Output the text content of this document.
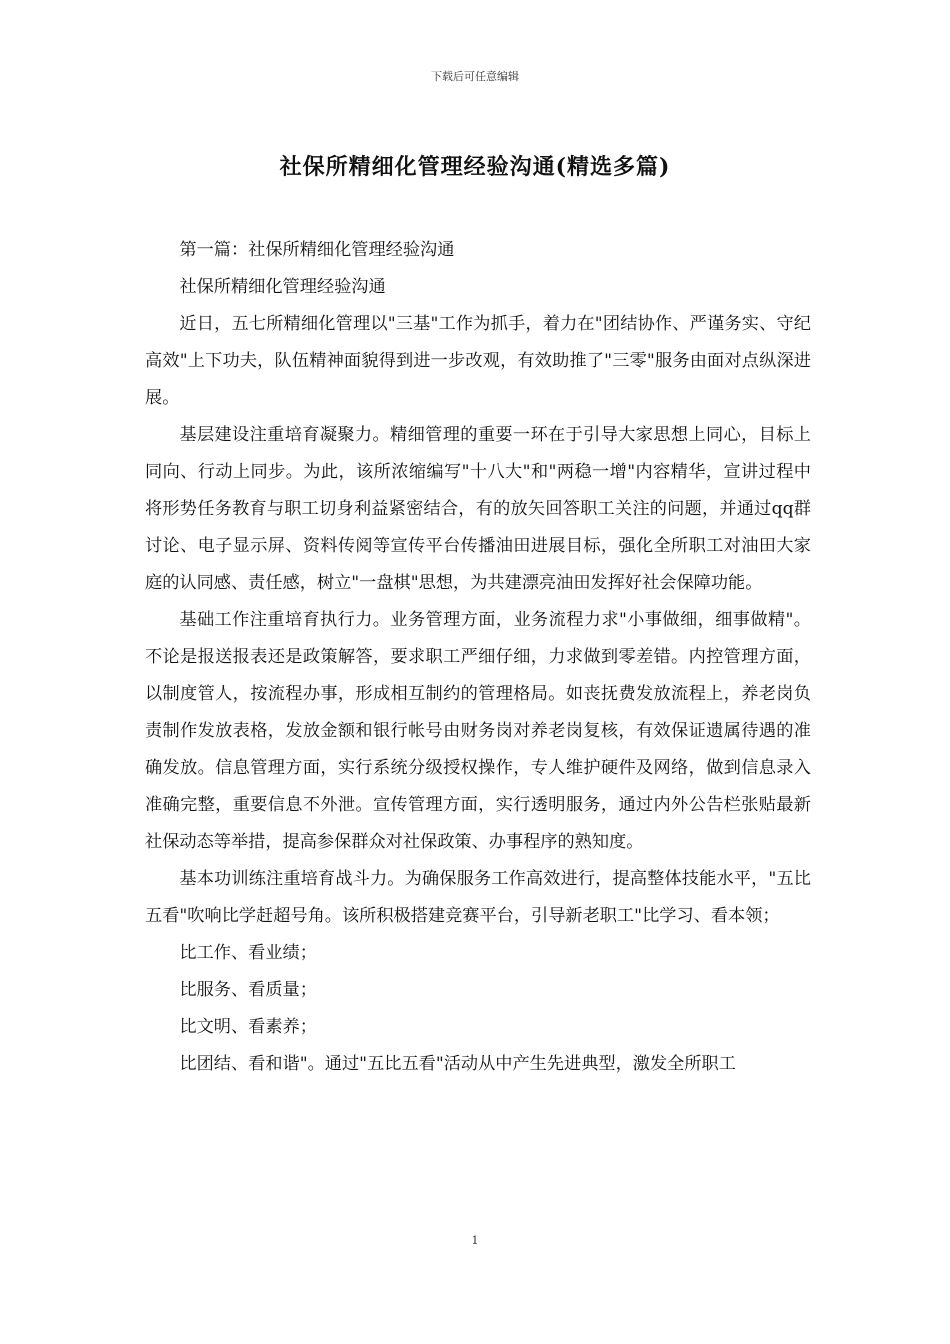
下载后可任意编辑
社保所精细化管理经验沟通(精选多篇)

第一篇：社保所精细化管理经验沟通

社保所精细化管理经验沟通

近日，五七所精细化管理以"三基"工作为抓手，着力在"团结协作、严谨务实、守纪高效"上下功夫，队伍精神面貌得到进一步改观，有效助推了"三零"服务由面对点纵深进展。

基层建设注重培育凝聚力。精细管理的重要一环在于引导大家思想上同心，目标上同向、行动上同步。为此，该所浓缩编写"十八大"和"两稳一增"内容精华，宣讲过程中将形势任务教育与职工切身利益紧密结合，有的放矢回答职工关注的问题，并通过qq群讨论、电子显示屏、资料传阅等宣传平台传播油田进展目标，强化全所职工对油田大家庭的认同感、责任感，树立"一盘棋"思想，为共建漂亮油田发挥好社会保障功能。

基础工作注重培育执行力。业务管理方面，业务流程力求"小事做细，细事做精"。不论是报送报表还是政策解答，要求职工严细仔细，力求做到零差错。内控管理方面，以制度管人，按流程办事，形成相互制约的管理格局。如丧抚费发放流程上，养老岗负责制作发放表格，发放金额和银行帐号由财务岗对养老岗复核，有效保证遗属待遇的准确发放。信息管理方面，实行系统分级授权操作，专人维护硬件及网络，做到信息录入准确完整，重要信息不外泄。宣传管理方面，实行透明服务，通过内外公告栏张贴最新社保动态等举措，提高参保群众对社保政策、办事程序的熟知度。

基本功训练注重培育战斗力。为确保服务工作高效进行，提高整体技能水平，"五比五看"吹响比学赶超号角。该所积极搭建竞赛平台，引导新老职工"比学习、看本领；

比工作、看业绩；

比服务、看质量；

比文明、看素养；

比团结、看和谐"。通过"五比五看"活动从中产生先进典型，激发全所职工

1
